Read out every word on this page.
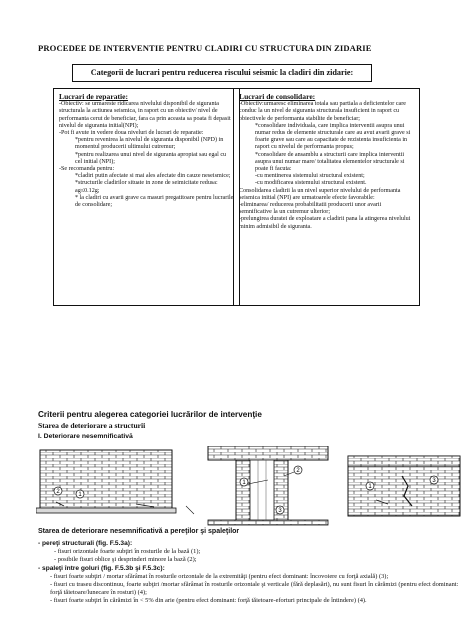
PROCEDEE DE INTERVENTIE PENTRU CLADIRI CU STRUCTURA DIN ZIDARIE
Categorii de lucrari pentru reducerea riscului seismic la cladiri din zidarie:
Lucrari de reparatie:

-Obiectiv: se urmareste ridicarea nivelului disponibil de siguranta structurala la actiunea seismica, in raport cu un obiectiv/ nivel de performanta cerut de beneficiar, fara ca prin aceasta sa poata fi depasit nivelul de siguranta initial(NPI);

-Pot fi avute in vedere doua niveluri de lucrari de reparatie:

*pentru revenirea la nivelul de siguranta disponibil (NPD) in momentul producerii ultimului cutremur;

*pentru realizarea unui nivel de siguranta apropiat sau egal cu cel initial (NPI);

-Se recomanda pentru:

*cladiri putin afectate si mai ales afectate din cauze neseismice;

*structurile cladirilor situate in zone de seimicitate redusa: ag≤0.12g;

* la cladiri cu avarii grave ca masuri pregatitoare pentru lucrarile de consolidare;

Lucrari de consolidare:

-Obiectiv:urmaresc eliminarea totala sau partiala a deficientelor care conduc la un nivel de siguranta structurala insuficient in raport cu obiectivele de performanta stabilite de beneficiar;

*consolidare individuala, care implica interventii asupra unui numar redus de elemente structurale care au avut avarii grave si foarte grave sau care au capacitate de rezistenta insuficienta in raport cu nivelul de performanta propus;

*consolidare de ansamblu a structurii care implica interventii asupra unui numar mare/ totalitatea elementelor structurale si poate fi facuta:

-cu mentinerea sistemului structural existent;

-cu modificarea sistemului structural existent.

Consolidarea cladirii la un nivel superior nivelului de performanta seismica initial (NPI) are urmatoarele efecte favorabile:

-eliminarea/ reducerea probabilitatii producerii unor avarii semnificative la un cutremur ulterior;

-prelungirea duratei de exploatare a cladirii pana la atingerea nivelului minim admisibil de siguranta.

Criterii pentru alegerea categoriei lucrărilor de intervenţie
Starea de deteriorare a structurii
I. Deteriorare nesemnificativă
1
2
1
2
3
1
3
Starea de deteriorare nesemnificativă a pereţilor şi spaleţilor

- pereţi structurali (fig. F.5.3a):

- fisuri orizontale foarte subţiri în rosturile de la bază (1);

- posibile fisuri oblice şi desprinderi minore la bază (2);

- spaleţi între goluri (fig. F.5.3b şi F.5.3c):

- fisuri foarte subţiri / mortar sfărâmat în rosturile orizontale de la extremităţi (pentru efect dominant: încovoiere cu forţă axială) (3);

- fisuri cu traseu discontinuu, foarte subţiri /mortar sfărâmat în rosturile orizontale şi verticale (fără deplasări), nu sunt fisuri în cărămizi (pentru efect dominant: forţă tăietoare/lunecare în rosturi) (4);

- fisuri foarte subţiri în cărămizi în < 5% din arie (pentru efect dominant: forţă tăietoare-eforturi principale de întindere) (4).
